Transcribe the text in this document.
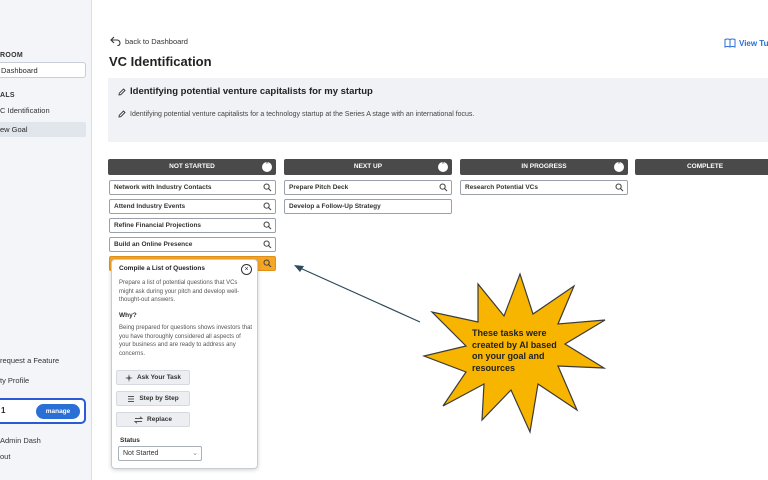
ROOM
Dashboard
ALS
C Identification
ew Goal
request a Feature
ty Profile
1	manage
Admin Dash
out
back to Dashboard	View Tu
VC Identification
Identifying potential venture capitalists for my startup
Identifying potential venture capitalists for a technology startup at the Series A stage with an international focus.
NOT STARTED	ˆ	NEXT UP	ˆ	IN PROGRESS	ˆ	COMPLETE
Network with Industry Contacts
Attend Industry Events
Refine Financial Projections
Build an Online Presence
Prepare Pitch Deck
Develop a Follow-Up Strategy
Research Potential VCs
Compile a List of Questions	×
Prepare a list of potential questions that VCs might ask during your pitch and develop well-thought-out answers.
Why?
Being prepared for questions shows investors that you have thoroughly considered all aspects of your business and are ready to address any concerns.
Ask Your Task
Step by Step
Replace
Status
Not Started	⌄
These tasks were created by AI based on your goal and resources
